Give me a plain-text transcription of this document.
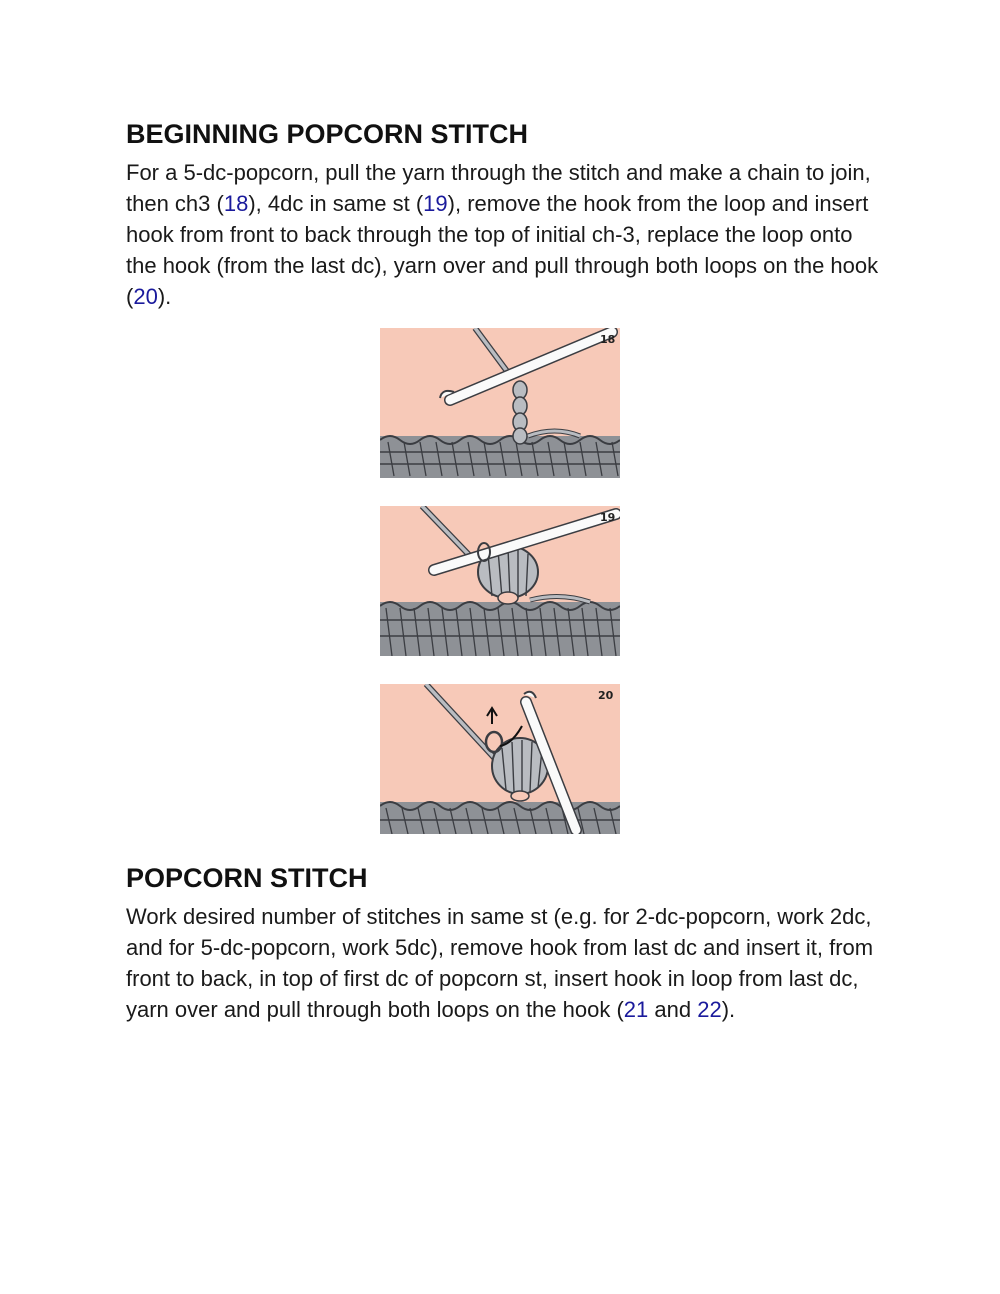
BEGINNING POPCORN STITCH

For a 5-dc-popcorn, pull the yarn through the stitch and make a chain to join, then ch3 (18), 4dc in same st (19), remove the hook from the loop and insert hook from front to back through the top of initial ch-3, replace the loop onto the hook (from the last dc), yarn over and pull through both loops on the hook (20).

18
19
20
POPCORN STITCH

Work desired number of stitches in same st (e.g. for 2-dc-popcorn, work 2dc, and for 5-dc-popcorn, work 5dc), remove hook from last dc and insert it, from front to back, in top of first dc of popcorn st, insert hook in loop from last dc, yarn over and pull through both loops on the hook (21 and 22).
